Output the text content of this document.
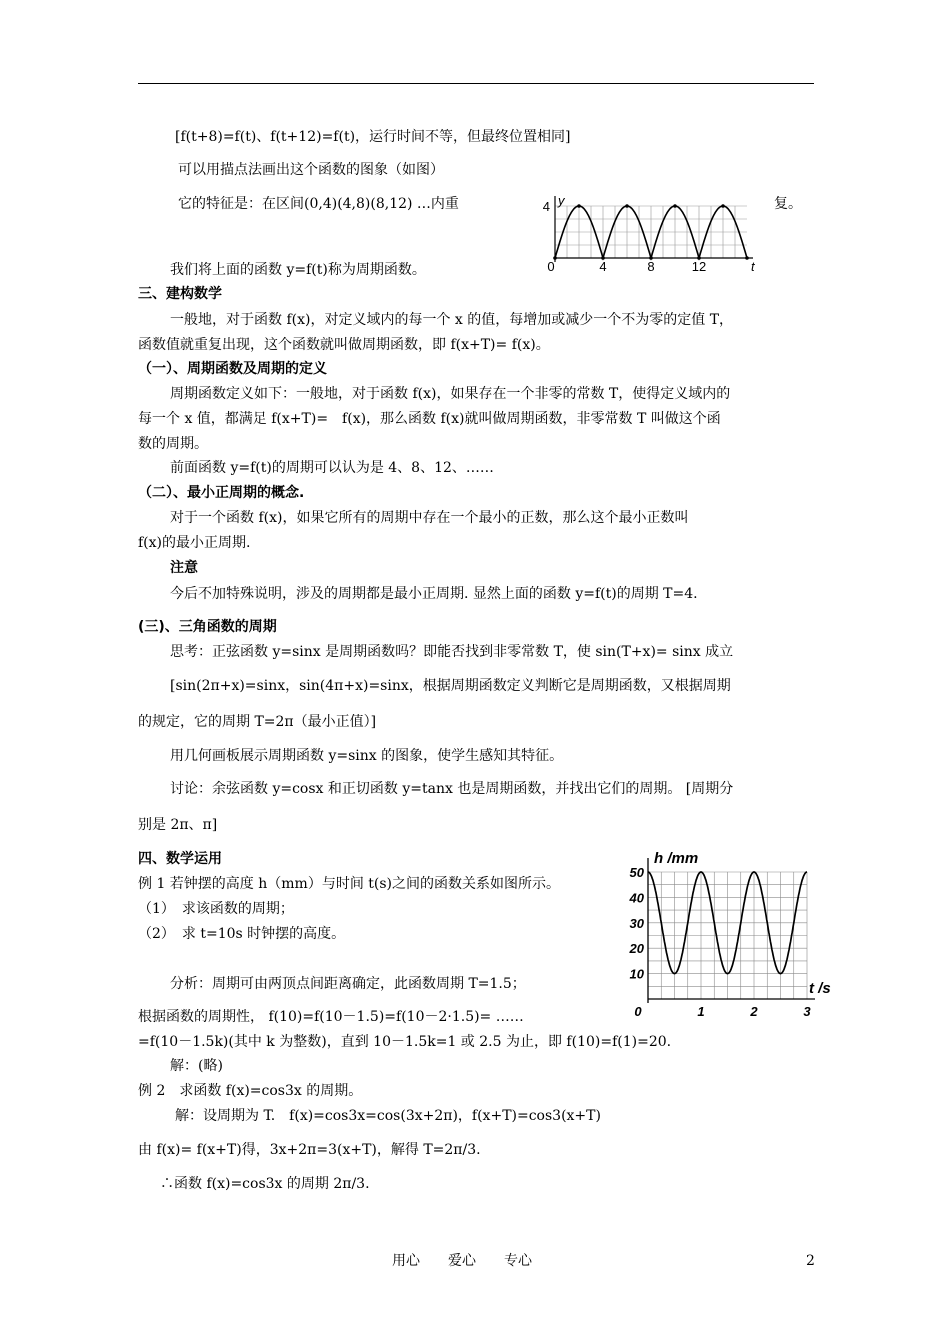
[f(t+8)=f(t)、f(t+12)=f(t)，运行时间不等，但最终位置相同]
可以用描点法画出这个函数的图象（如图）
它的特征是：在区间(0,4)(4,8)(8,12) …内重	复。
0	4	8	12
4
t
y
我们将上面的函数 y=f(t)称为周期函数。
三、建构数学
一般地，对于函数 f(x)，对定义域内的每一个 x 的值，每增加或减少一个不为零的定值 T，
函数值就重复出现，这个函数就叫做周期函数，即 f(x+T)= f(x)。
（一）、周期函数及周期的定义
周期函数定义如下：一般地，对于函数 f(x)，如果存在一个非零的常数 T，使得定义域内的
每一个 x 值，都满足 f(x+T)=　f(x)，那么函数 f(x)就叫做周期函数，非零常数 T 叫做这个函
数的周期。
前面函数 y=f(t)的周期可以认为是 4、8、12、……
（二）、最小正周期的概念.
对于一个函数 f(x)，如果它所有的周期中存在一个最小的正数，那么这个最小正数叫
f(x)的最小正周期.
注意
今后不加特殊说明，涉及的周期都是最小正周期. 显然上面的函数 y=f(t)的周期 T=4.
(三)、三角函数的周期
思考：正弦函数 y=sinx 是周期函数吗？即能否找到非零常数 T，使 sin(T+x)= sinx 成立
[sin(2π+x)=sinx，sin(4π+x)=sinx，根据周期函数定义判断它是周期函数，又根据周期
的规定，它的周期 T=2π（最小正值）]
用几何画板展示周期函数 y=sinx 的图象，使学生感知其特征。
讨论：余弦函数 y=cosx 和正切函数 y=tanx 也是周期函数，并找出它们的周期。 [周期分
别是 2π、π]
四、数学运用
例 1 若钟摆的高度 h（mm）与时间 t(s)之间的函数关系如图所示。
（1）　求该函数的周期；
（2）　求 t=10s 时钟摆的高度。
10
20
30
40
50
0	1	2	3
h /mm
t /s
分析：周期可由两顶点间距离确定，此函数周期 T=1.5；
根据函数的周期性， f(10)=f(10－1.5)=f(10－2·1.5)= ……
=f(10－1.5k)(其中 k 为整数)，直到 10－1.5k=1 或 2.5 为止，即 f(10)=f(1)=20.
解：(略)
例 2　求函数 f(x)=cos3x 的周期。
解：设周期为 T.　f(x)=cos3x=cos(3x+2π)，f(x+T)=cos3(x+T)
由 f(x)= f(x+T)得，3x+2π=3(x+T)，解得 T=2π/3.
∴函数 f(x)=cos3x 的周期 2π/3.
用心　　爱心　　专心	2
